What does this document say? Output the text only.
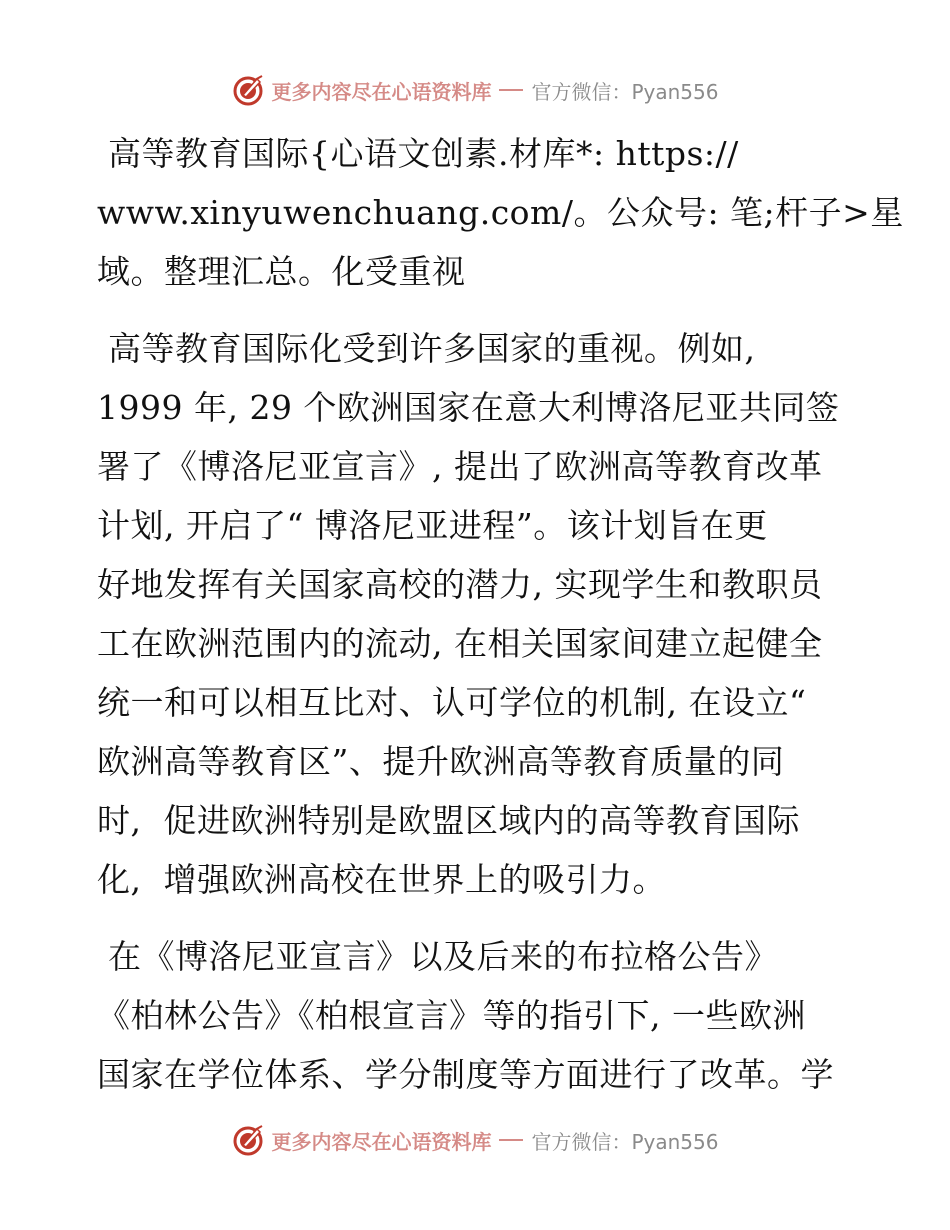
更多内容尽在心语资料库 官方微信：Pyan556
高等教育国际{心语文创素.材库*: https://
www.xinyuwenchuang.com/。公众号: 笔;杆子>星
域。整理汇总。化受重视
高等教育国际化受到许多国家的重视。例如,
1999 年, 29 个欧洲国家在意大利博洛尼亚共同签
署了《博洛尼亚宣言》, 提出了欧洲高等教育改革
计划, 开启了“ 博洛尼亚进程”。该计划旨在更
好地发挥有关国家高校的潜力, 实现学生和教职员
工在欧洲范围内的流动, 在相关国家间建立起健全
统一和可以相互比对、认可学位的机制, 在设立“
欧洲高等教育区”、提升欧洲高等教育质量的同
时,  促进欧洲特别是欧盟区域内的高等教育国际
化,  增强欧洲高校在世界上的吸引力。
在《博洛尼亚宣言》以及后来的布拉格公告》
《柏林公告》《柏根宣言》等的指引下, 一些欧洲
国家在学位体系、学分制度等方面进行了改革。学
更多内容尽在心语资料库 官方微信：Pyan556
